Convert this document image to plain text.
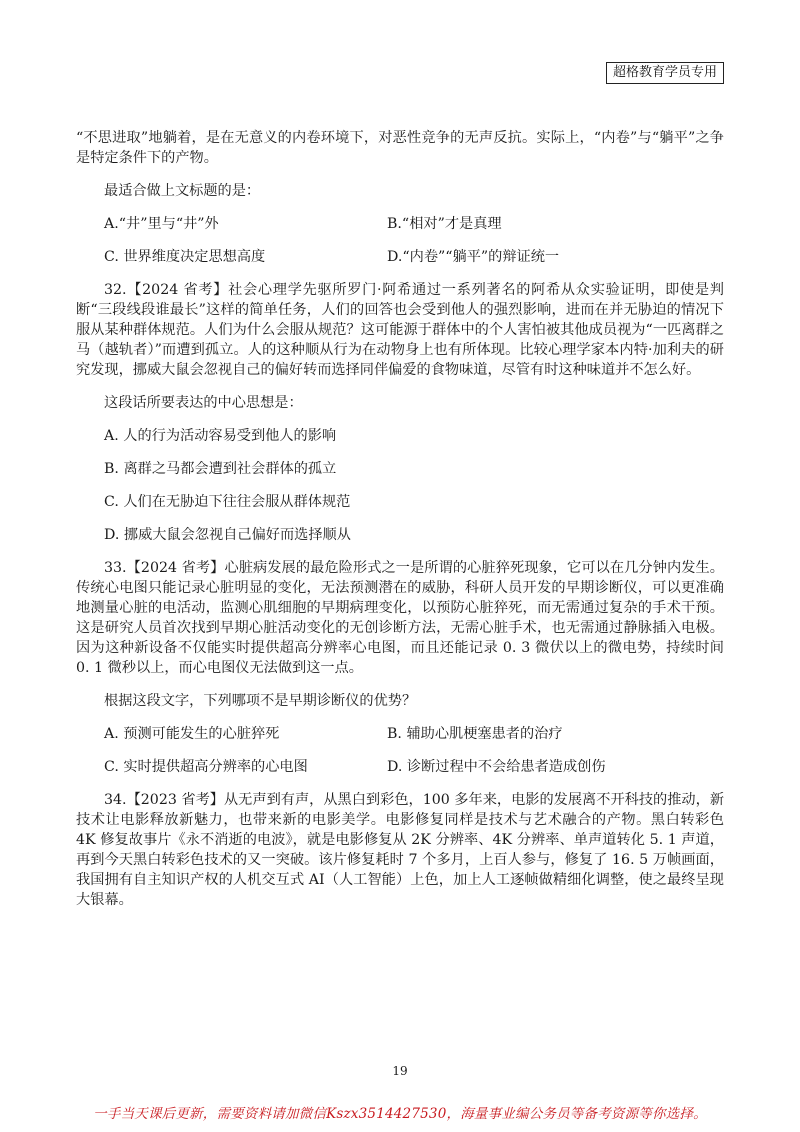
超格教育学员专用

“不思进取”地躺着，是在无意义的内卷环境下，对恶性竞争的无声反抗。实际上，“内卷”与“躺平”之争是特定条件下的产物。

最适合做上文标题的是：

A.“井”里与“井”外	B.“相对”才是真理
C. 世界维度决定思想高度	D.“内卷”“躺平”的辩证统一

32.【2024 省考】社会心理学先驱所罗门·阿希通过一系列著名的阿希从众实验证明，即使是判断“三段线段谁最长”这样的简单任务，人们的回答也会受到他人的强烈影响，进而在并无胁迫的情况下服从某种群体规范。人们为什么会服从规范？这可能源于群体中的个人害怕被其他成员视为“一匹离群之马（越轨者）”而遭到孤立。人的这种顺从行为在动物身上也有所体现。比较心理学家本内特·加利夫的研究发现，挪威大鼠会忽视自己的偏好转而选择同伴偏爱的食物味道，尽管有时这种味道并不怎么好。

这段话所要表达的中心思想是：

A. 人的行为活动容易受到他人的影响
B. 离群之马都会遭到社会群体的孤立
C. 人们在无胁迫下往往会服从群体规范
D. 挪威大鼠会忽视自己偏好而选择顺从

33.【2024 省考】心脏病发展的最危险形式之一是所谓的心脏猝死现象，它可以在几分钟内发生。传统心电图只能记录心脏明显的变化，无法预测潜在的威胁，科研人员开发的早期诊断仪，可以更准确地测量心脏的电活动，监测心肌细胞的早期病理变化，以预防心脏猝死，而无需通过复杂的手术干预。这是研究人员首次找到早期心脏活动变化的无创诊断方法，无需心脏手术，也无需通过静脉插入电极。因为这种新设备不仅能实时提供超高分辨率心电图，而且还能记录 0. 3 微伏以上的微电势，持续时间 0. 1 微秒以上，而心电图仪无法做到这一点。

根据这段文字，下列哪项不是早期诊断仪的优势？

A. 预测可能发生的心脏猝死	B. 辅助心肌梗塞患者的治疗
C. 实时提供超高分辨率的心电图	D. 诊断过程中不会给患者造成创伤

34.【2023 省考】从无声到有声，从黑白到彩色，100 多年来，电影的发展离不开科技的推动，新技术让电影释放新魅力，也带来新的电影美学。电影修复同样是技术与艺术融合的产物。黑白转彩色 4K 修复故事片《永不消逝的电波》，就是电影修复从 2K 分辨率、4K 分辨率、单声道转化 5. 1 声道，再到今天黑白转彩色技术的又一突破。该片修复耗时 7 个多月，上百人参与，修复了 16. 5 万帧画面，我国拥有自主知识产权的人机交互式 AI（人工智能）上色，加上人工逐帧做精细化调整，使之最终呈现大银幕。

19
一手当天课后更新，需要资料请加微信Kszx3514427530，海量事业编公务员等备考资源等你选择。
